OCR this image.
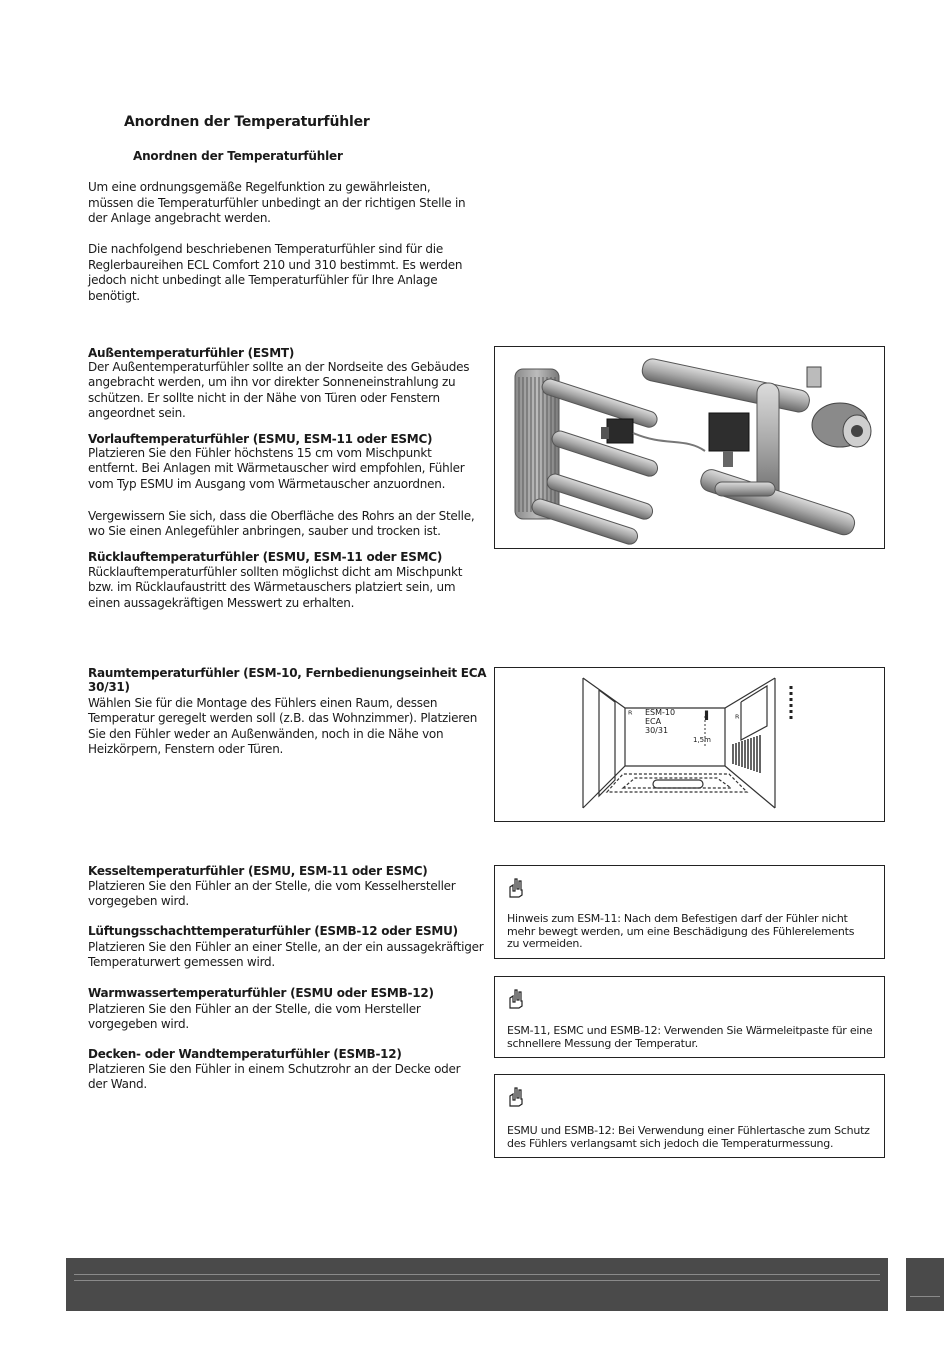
Anordnen der Temperaturfühler
Anordnen der Temperaturfühler
Um eine ordnungsgemäße Regelfunktion zu gewährleisten,
müssen die Temperaturfühler unbedingt an der richtigen Stelle in
der Anlage angebracht werden.
Die nachfolgend beschriebenen Temperaturfühler sind für die
Reglerbaureihen ECL Comfort 210 und 310 bestimmt. Es werden
jedoch nicht unbedingt alle Temperaturfühler für Ihre Anlage
benötigt.
Außentemperaturfühler (ESMT)
Der Außentemperaturfühler sollte an der Nordseite des Gebäudes
angebracht werden, um ihn vor direkter Sonneneinstrahlung zu
schützen. Er sollte nicht in der Nähe von Türen oder Fenstern
angeordnet sein.
Vorlauftemperaturfühler (ESMU, ESM-11 oder ESMC)
Platzieren Sie den Fühler höchstens 15 cm vom Mischpunkt
entfernt. Bei Anlagen mit Wärmetauscher wird empfohlen, Fühler
vom Typ ESMU im Ausgang vom Wärmetauscher anzuordnen.
Vergewissern Sie sich, dass die Oberfläche des Rohrs an der Stelle,
wo Sie einen Anlegefühler anbringen, sauber und trocken ist.
Rücklauftemperaturfühler (ESMU, ESM-11 oder ESMC)
Rücklauftemperaturfühler sollten möglichst dicht am Mischpunkt
bzw. im Rücklaufaustritt des Wärmetauschers platziert sein, um
einen aussagekräftigen Messwert zu erhalten.
Raumtemperaturfühler (ESM-10, Fernbedienungseinheit ECA
30/31)
Wählen Sie für die Montage des Fühlers einen Raum, dessen
Temperatur geregelt werden soll (z.B. das Wohnzimmer). Platzieren
Sie den Fühler weder an Außenwänden, noch in die Nähe von
Heizkörpern, Fenstern oder Türen.
ᴿ	ᴿ
▌
ESM-10
ECA
30/31
1,5m
Kesseltemperaturfühler (ESMU, ESM-11 oder ESMC)
Platzieren Sie den Fühler an der Stelle, die vom Kesselhersteller
vorgegeben wird.
Lüftungsschachttemperaturfühler (ESMB-12 oder ESMU)
Platzieren Sie den Fühler an einer Stelle, an der ein aussagekräftiger
Temperaturwert gemessen wird.
Warmwassertemperaturfühler (ESMU oder ESMB-12)
Platzieren Sie den Fühler an der Stelle, die vom Hersteller
vorgegeben wird.
Decken- oder Wandtemperaturfühler (ESMB-12)
Platzieren Sie den Fühler in einem Schutzrohr an der Decke oder
der Wand.
Hinweis zum ESM-11: Nach dem Befestigen darf der Fühler nicht
mehr bewegt werden, um eine Beschädigung des Fühlerelements
zu vermeiden.
ESM-11, ESMC und ESMB-12: Verwenden Sie Wärmeleitpaste für eine
schnellere Messung der Temperatur.
ESMU und ESMB-12: Bei Verwendung einer Fühlertasche zum Schutz
des Fühlers verlangsamt sich jedoch die Temperaturmessung.
